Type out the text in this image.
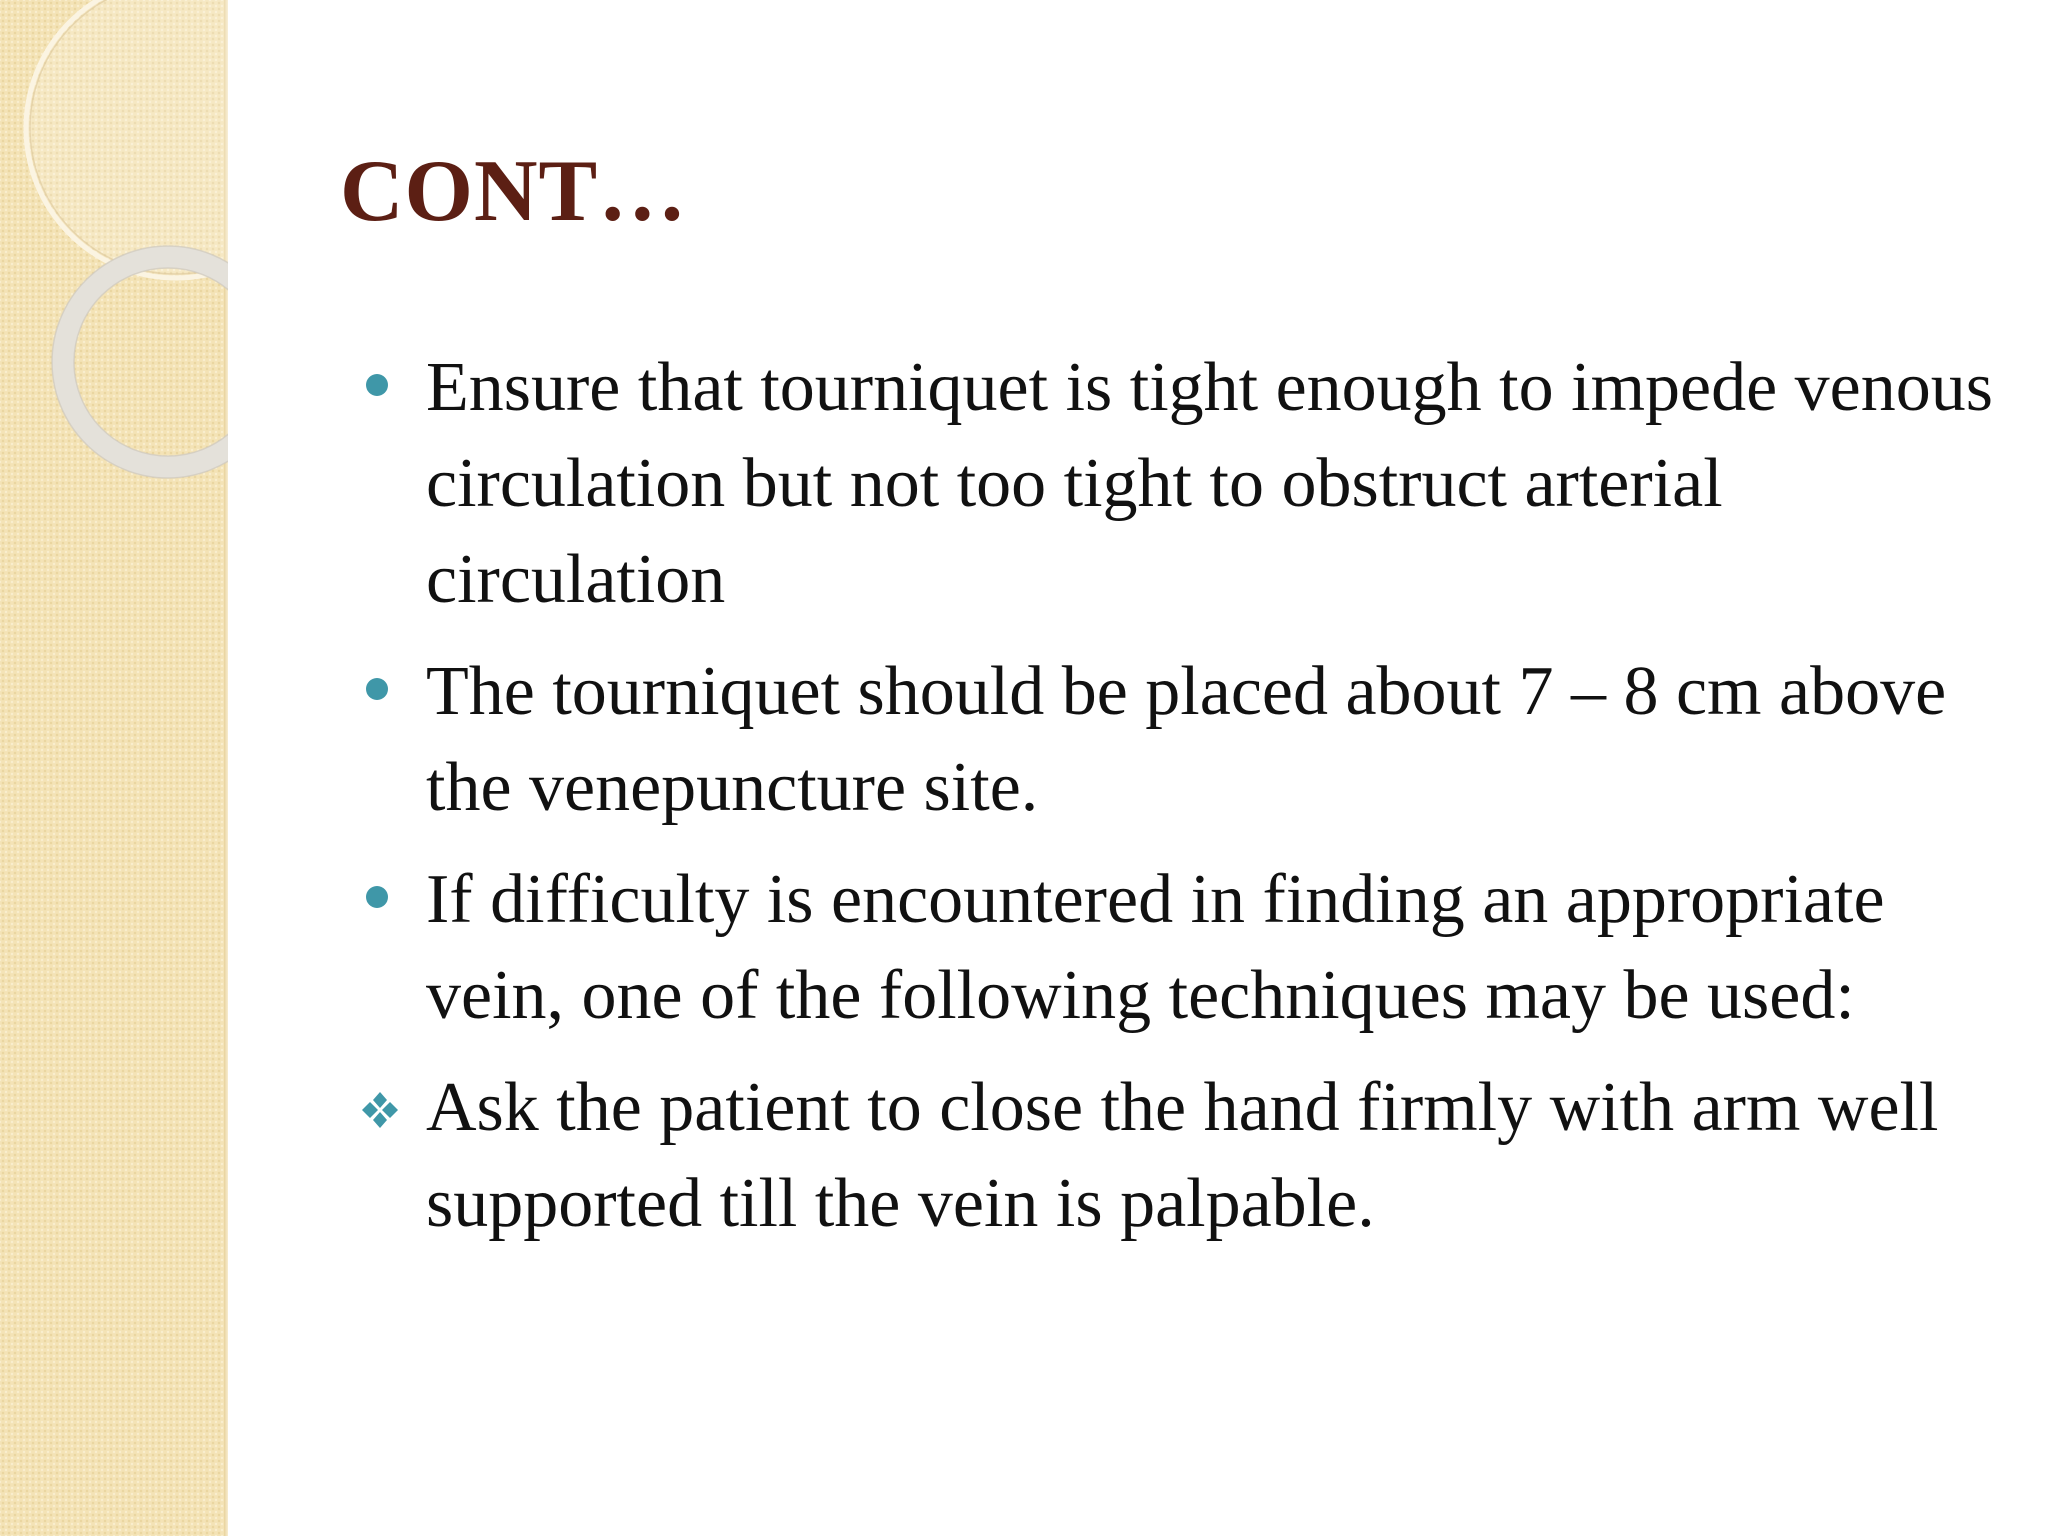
CONT…
Ensure that tourniquet is tight enough to impede venous circulation but not too tight to obstruct arterial circulation
The tourniquet should be placed about 7 – 8 cm above the venepuncture site.
If difficulty is encountered in finding an appropriate vein, one of the following techniques may be used:
Ask the patient to close the hand firmly with arm well supported till the vein is palpable.
